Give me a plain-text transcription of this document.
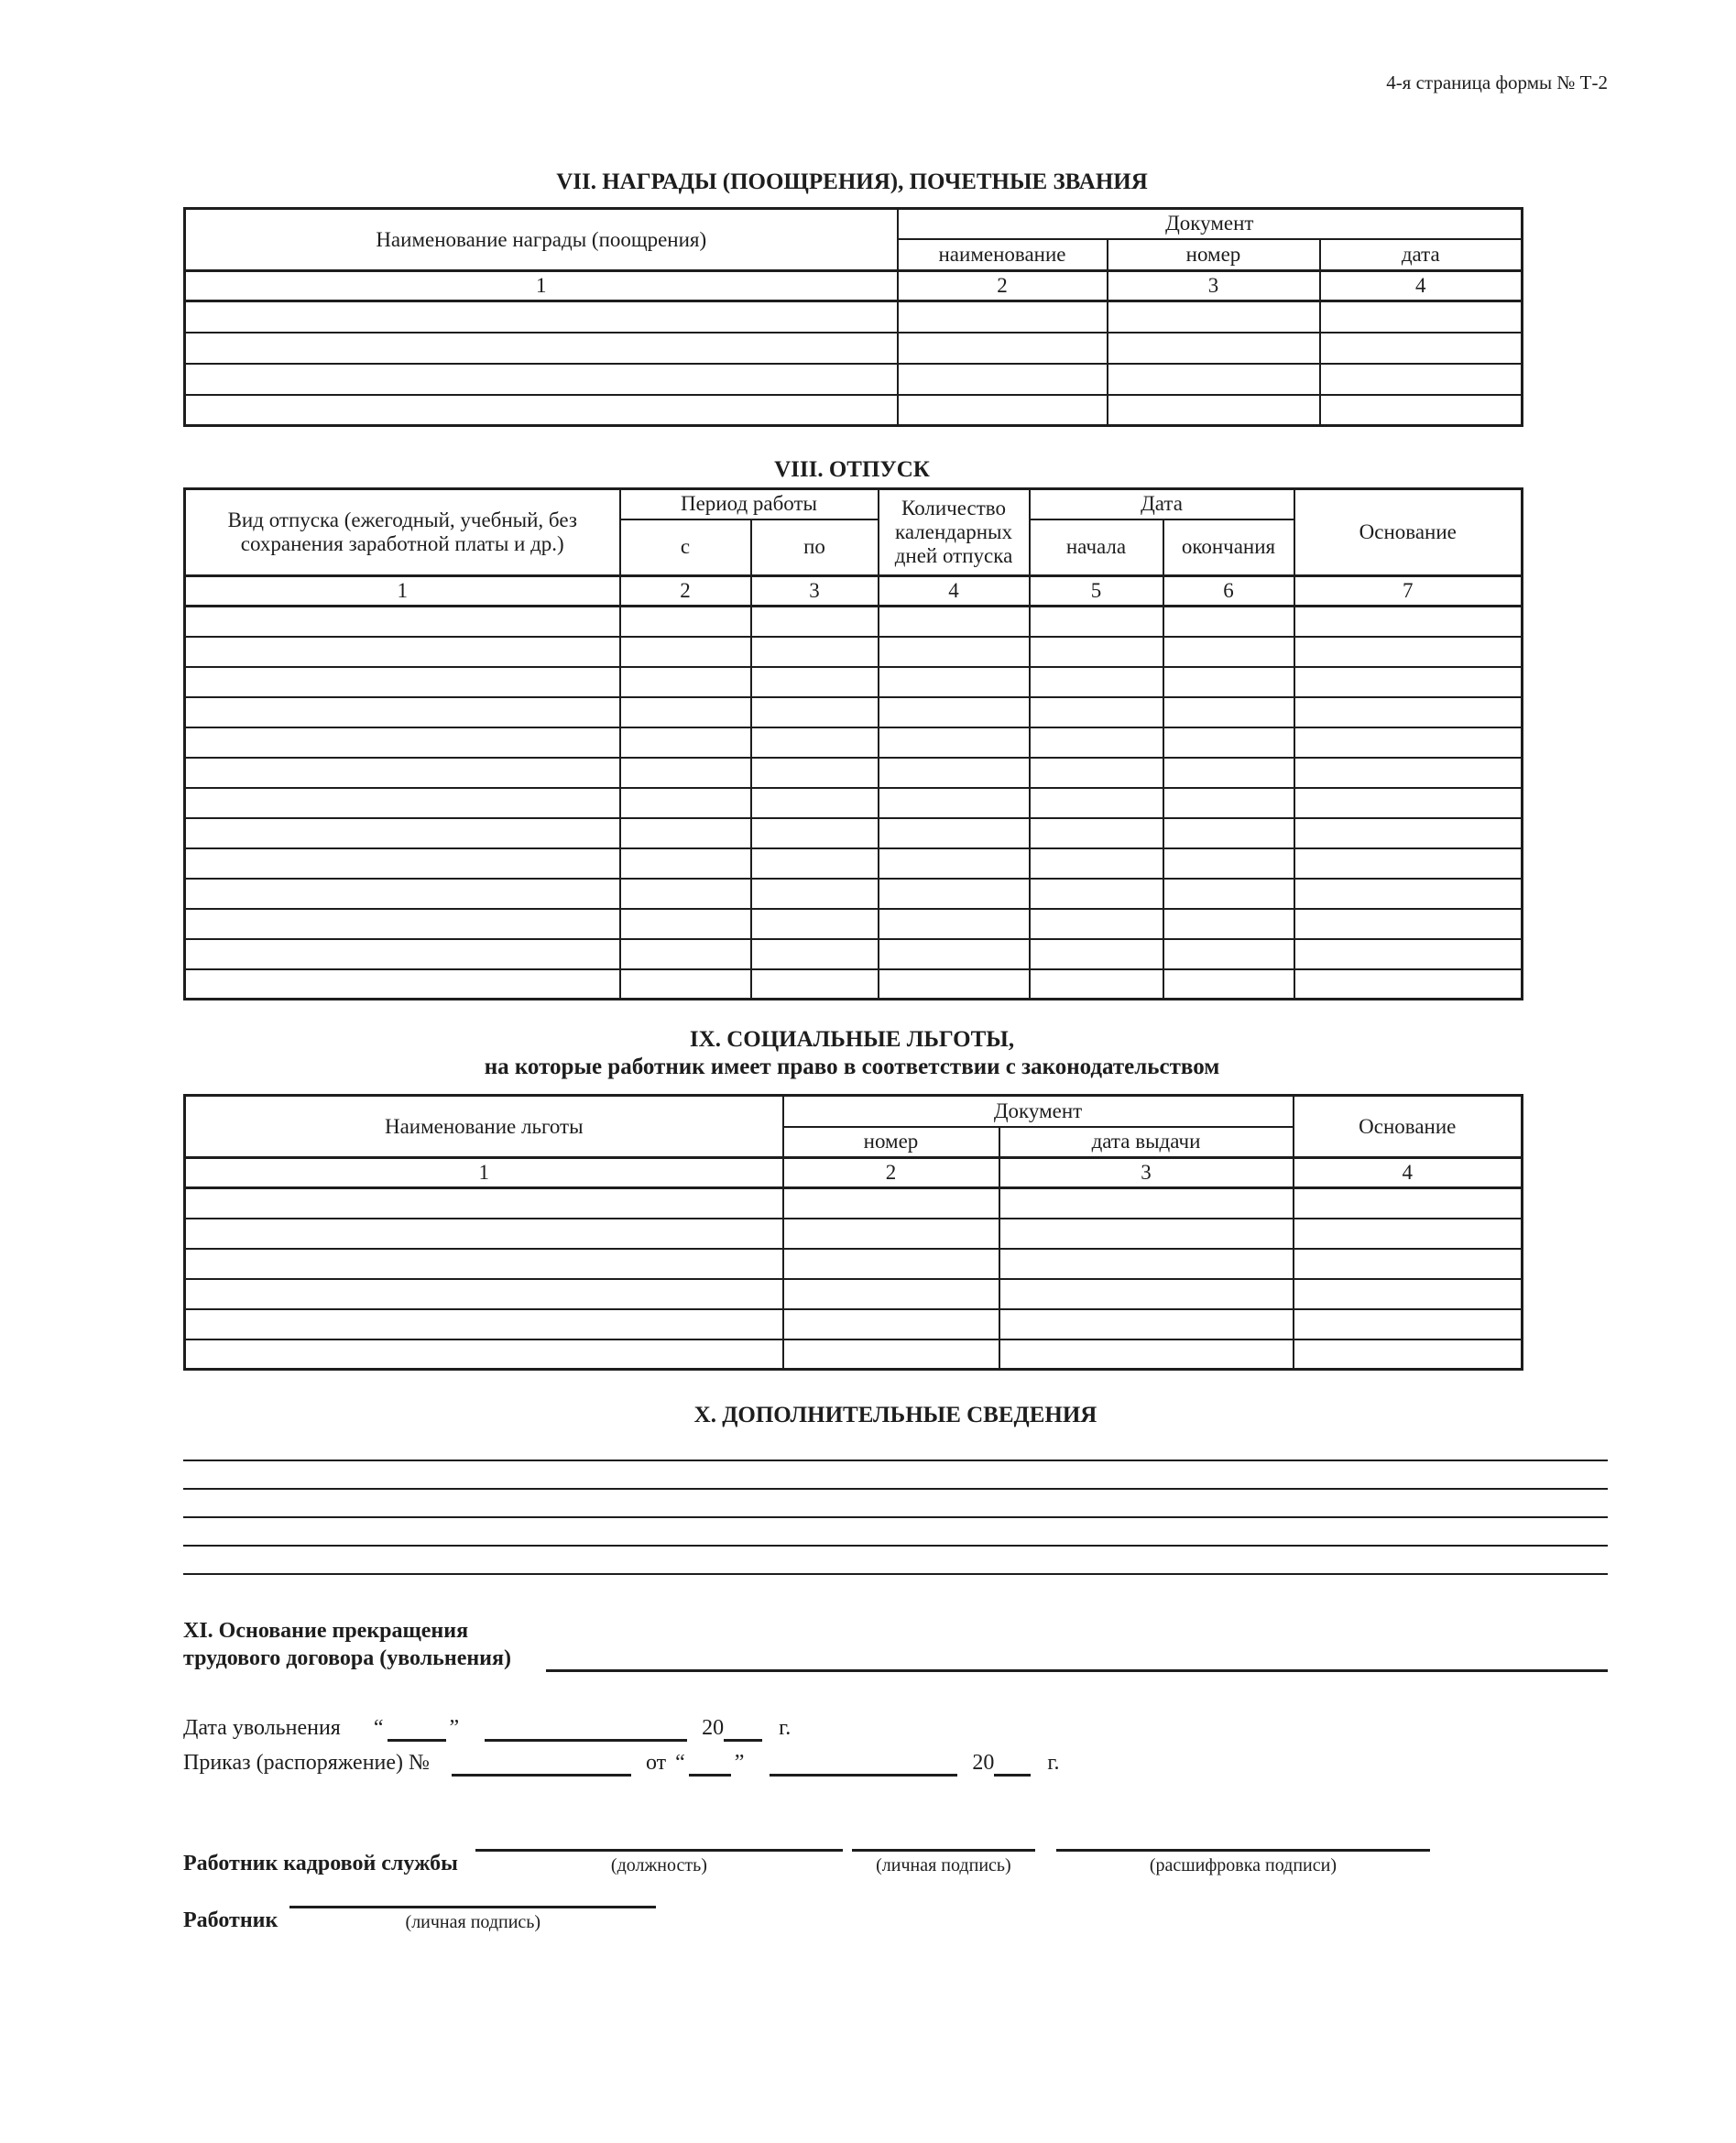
4-я страница формы № Т-2
VII. НАГРАДЫ (ПООЩРЕНИЯ), ПОЧЕТНЫЕ ЗВАНИЯ
Наименование награды (поощрения)	Документ		
	наименование	номер	дата
1	2	3	4

VIII. ОТПУСК
Вид отпуска (ежегодный, учебный, без сохранения заработной платы и др.)	Период работы		Количество календарных дней отпуска	Дата		Основание
	с	по		начала	окончания	
1	2	3	4	5	6	7

IX. СОЦИАЛЬНЫЕ ЛЬГОТЫ,
на которые работник имеет право в соответствии с законодательством
Наименование льготы	Документ		Основание
	номер	дата выдачи	
1	2	3	4

X. ДОПОЛНИТЕЛЬНЫЕ СВЕДЕНИЯ
XI. Основание прекращения
трудового договора (увольнения)
Дата увольнения “	”	20	г.
Приказ (распоряжение) №	от “ ”	20 г.
Работник кадровой службы	(должность)	(личная подпись)	(расшифровка подписи)
Работник	(личная подпись)
